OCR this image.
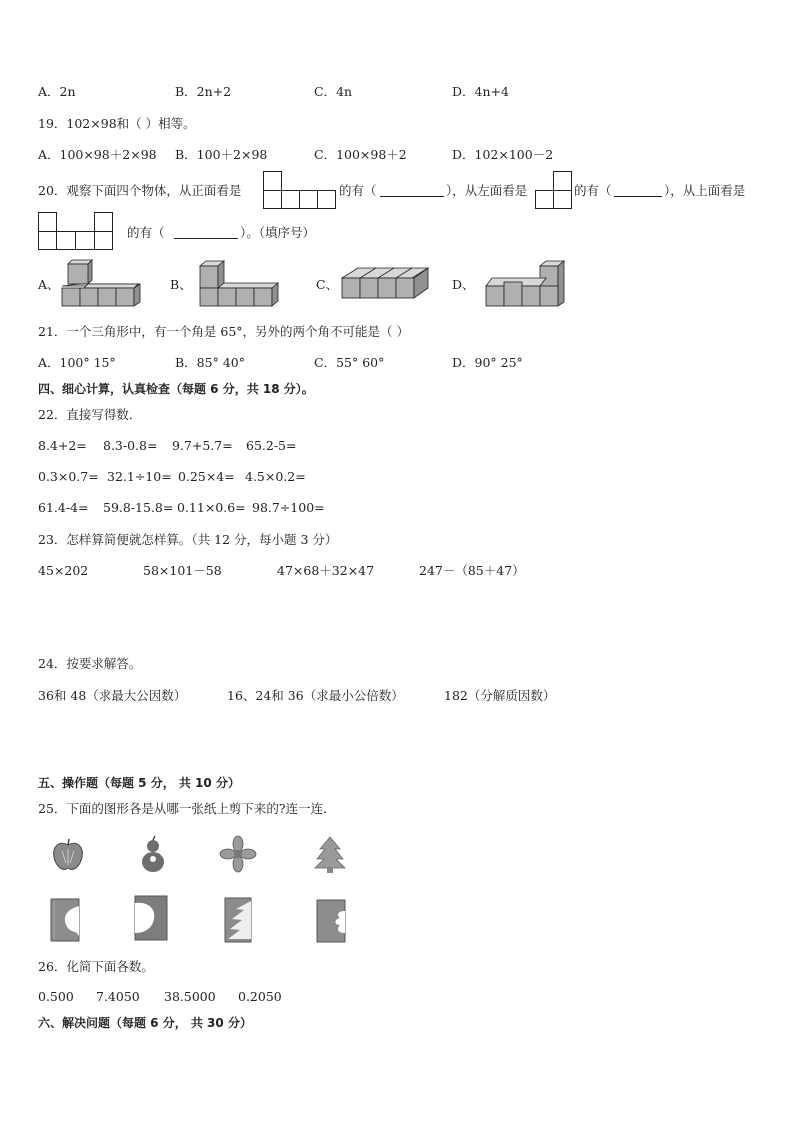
A．2n	B．2n+2	C．4n	D．4n+4
19．102×98和（ ）相等。
A．100×98＋2×98 B．100＋2×98	C．100×98＋2	D．102×100－2
20．观察下面四个物体，从正面看是	的有（	），从左面看是	的有（	），从上面看是
的有（	）。（填序号）
A、	B、	C、	D、
21．一个三角形中，有一个角是 65°，另外的两个角不可能是（ ）
A．100° 15°	B．85° 40°	C．55° 60°	D．90° 25°
四、细心计算，认真检查（每题 6 分，共 18 分）。
22．直接写得数．
8.4+2= 8.3-0.8= 9.7+5.7= 65.2-5=
0.3×0.7= 32.1÷10= 0.25×4= 4.5×0.2=
61.4-4= 59.8-15.8= 0.11×0.6= 98.7÷100=
23．怎样算简便就怎样算。（共 12 分，每小题 3 分）
45×202	58×101－58	47×68＋32×47	247－（85＋47）
24．按要求解答。
36和 48（求最大公因数）	16、24和 36（求最小公倍数）	182（分解质因数）
五、操作题（每题 5 分， 共 10 分）
25．下面的图形各是从哪一张纸上剪下来的?连一连．
26．化简下面各数。
0.500 7.4050 38.5000 0.2050
六、解决问题（每题 6 分， 共 30 分）
